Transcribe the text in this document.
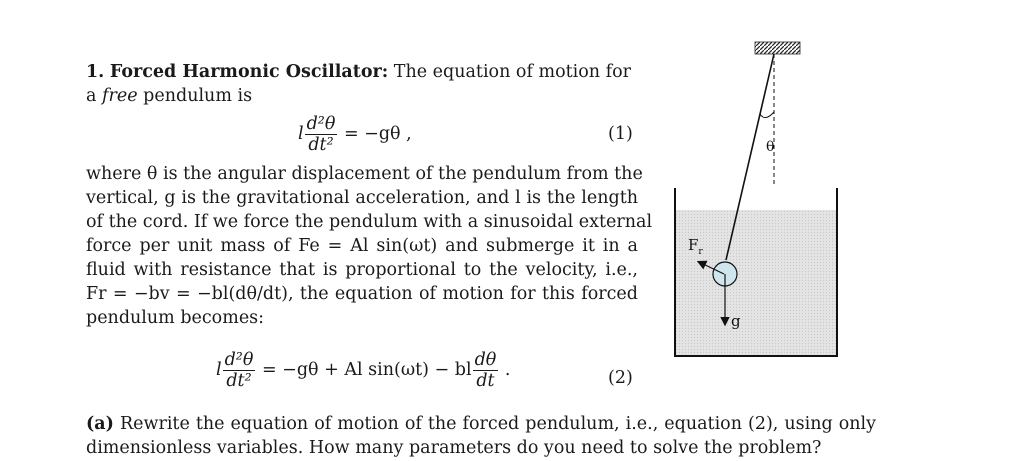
1. Forced Harmonic Oscillator: The equation of motion for
a free pendulum is
l $\frac{\text{d²θ}}{\text{dt²}} = -g\theta$ ,	(1)
where θ is the angular displacement of the pendulum from the
vertical, g is the gravitational acceleration, and l is the length
of the cord. If we force the pendulum with a sinusoidal external
force per unit mass of Fe = Al sin(ωt) and submerge it in a
fluid with resistance that is proportional to the velocity, i.e.,
Fr = −bv = −bl(dθ/dt), the equation of motion for this forced
pendulum becomes:
l $\frac{\text{d²θ}}{\text{dt²}} = -g\theta + Al$ sin(ωt) − bl $\frac{d\theta}{dt}$ .	(2)
(a) Rewrite the equation of motion of the forced pendulum, i.e., equation (2), using only
dimensionless variables. How many parameters do you need to solve the problem?
θ
$F_r$
g
